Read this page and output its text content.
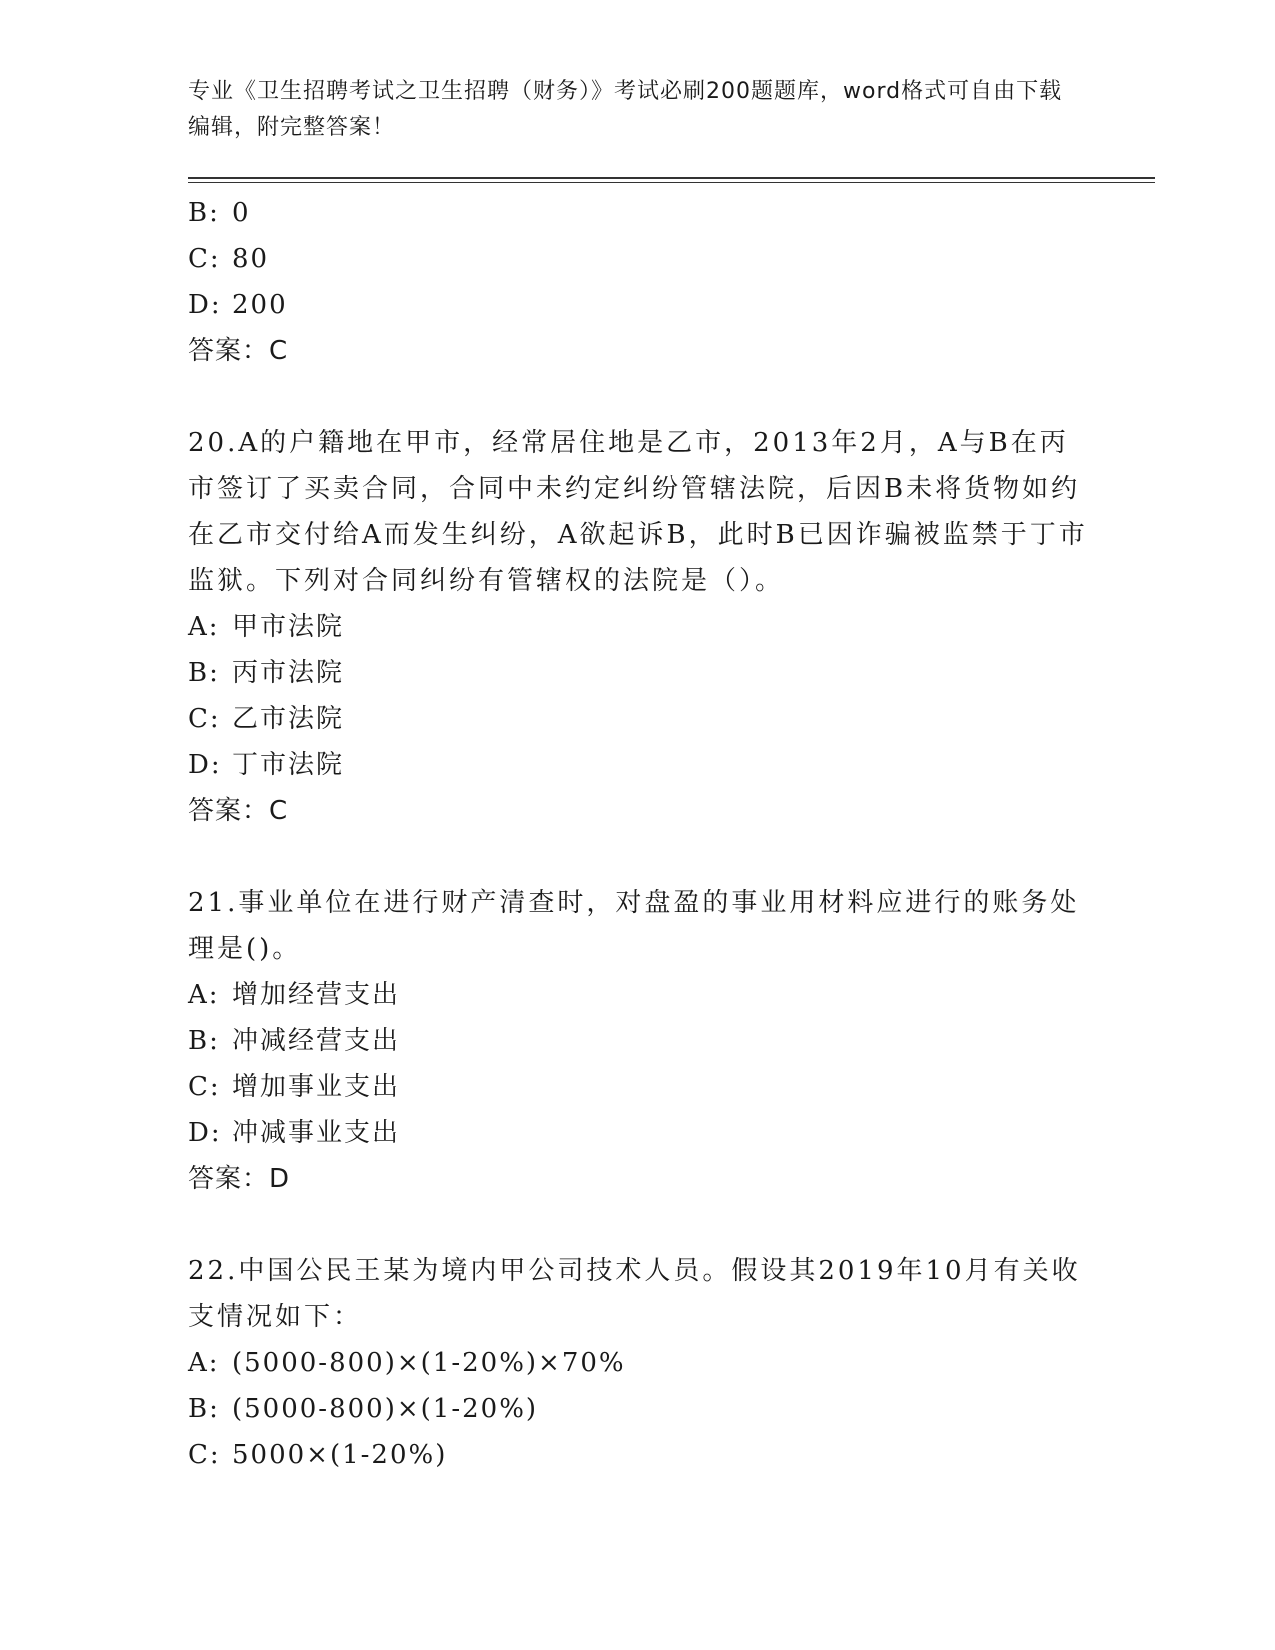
专业《卫生招聘考试之卫生招聘（财务）》考试必刷200题题库，word格式可自由下载编辑，附完整答案！
B: 0
C: 80
D: 200
答案：C
20.A的户籍地在甲市，经常居住地是乙市，2013年2月，A与B在丙市签订了买卖合同，合同中未约定纠纷管辖法院，后因B未将货物如约在乙市交付给A而发生纠纷，A欲起诉B，此时B已因诈骗被监禁于丁市监狱。下列对合同纠纷有管辖权的法院是（）。
A: 甲市法院
B: 丙市法院
C: 乙市法院
D: 丁市法院
答案：C
21.事业单位在进行财产清查时，对盘盈的事业用材料应进行的账务处理是()。
A: 增加经营支出
B: 冲减经营支出
C: 增加事业支出
D: 冲减事业支出
答案：D
22.中国公民王某为境内甲公司技术人员。假设其2019年10月有关收支情况如下：
A: (5000-800)×(1-20%)×70%
B: (5000-800)×(1-20%)
C: 5000×(1-20%)
